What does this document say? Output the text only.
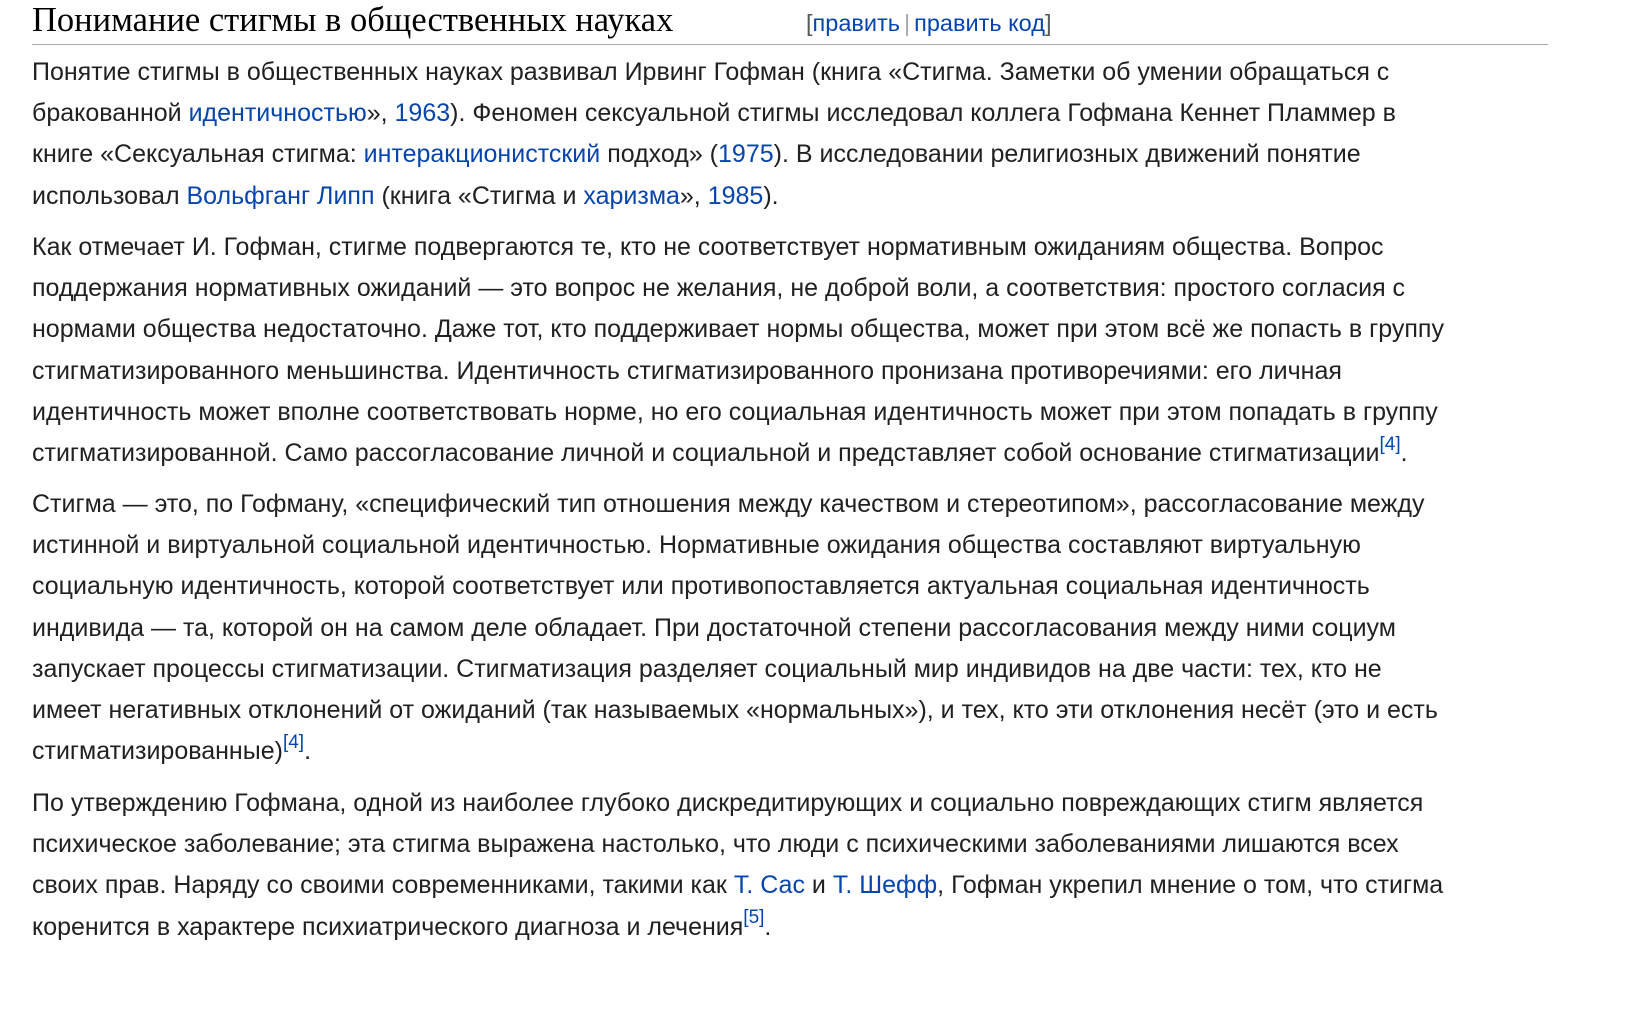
Понимание стигмы в общественных науках	[править | править код]
Понятие стигмы в общественных науках развивал Ирвинг Гофман (книга «Стигма. Заметки об умении обращаться с
бракованной идентичностью», 1963). Феномен сексуальной стигмы исследовал коллега Гофмана Кеннет Пламмер в
книге «Сексуальная стигма: интеракционистский подход» (1975). В исследовании религиозных движений понятие
использовал Вольфганг Липп (книга «Стигма и харизма», 1985).
Как отмечает И. Гофман, стигме подвергаются те, кто не соответствует нормативным ожиданиям общества. Вопрос
поддержания нормативных ожиданий — это вопрос не желания, не доброй воли, а соответствия: простого согласия с
нормами общества недостаточно. Даже тот, кто поддерживает нормы общества, может при этом всё же попасть в группу
стигматизированного меньшинства. Идентичность стигматизированного пронизана противоречиями: его личная
идентичность может вполне соответствовать норме, но его социальная идентичность может при этом попадать в группу
стигматизированной. Само рассогласование личной и социальной и представляет собой основание стигматизации[4].
Стигма — это, по Гофману, «специфический тип отношения между качеством и стереотипом», рассогласование между
истинной и виртуальной социальной идентичностью. Нормативные ожидания общества составляют виртуальную
социальную идентичность, которой соответствует или противопоставляется актуальная социальная идентичность
индивида — та, которой он на самом деле обладает. При достаточной степени рассогласования между ними социум
запускает процессы стигматизации. Стигматизация разделяет социальный мир индивидов на две части: тех, кто не
имеет негативных отклонений от ожиданий (так называемых «нормальных»), и тех, кто эти отклонения несёт (это и есть
стигматизированные)[4].
По утверждению Гофмана, одной из наиболее глубоко дискредитирующих и социально повреждающих стигм является
психическое заболевание; эта стигма выражена настолько, что люди с психическими заболеваниями лишаются всех
своих прав. Наряду со своими современниками, такими как Т. Сас и Т. Шефф, Гофман укрепил мнение о том, что стигма
коренится в характере психиатрического диагноза и лечения[5].
